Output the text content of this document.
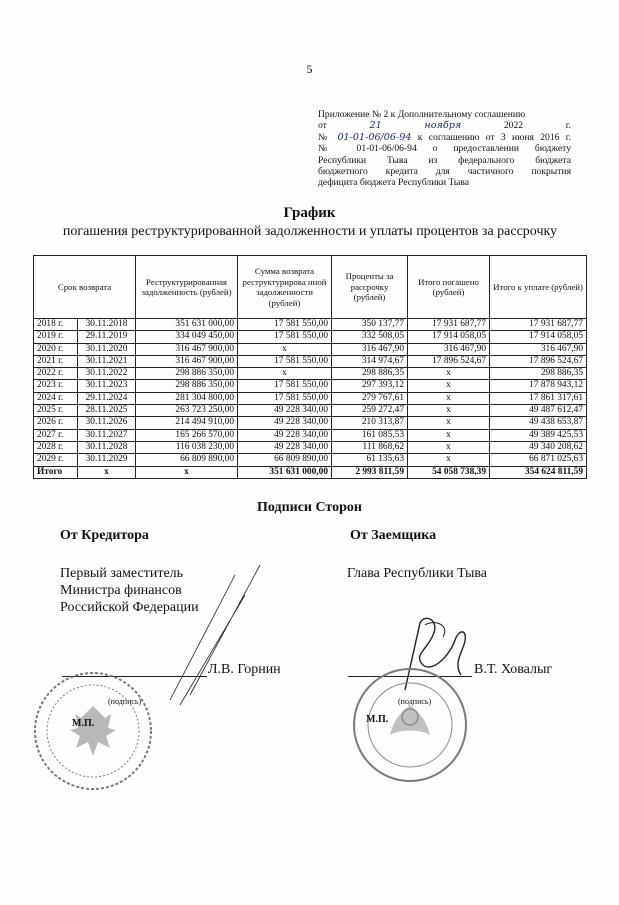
5
Приложение № 2 к Дополнительному соглашению
от	21	ноября	2022	г.
№ 01-01-06/06-94 к соглашению от 3 июня 2016 г.
№ 01-01-06/06-94 о предоставлении бюджету
Республики Тыва из федерального бюджета
бюджетного кредита для частичного покрытия
дефицита бюджета Республики Тыва
График
погашения реструктурированной задолженности и уплаты процентов за рассрочку
Срок возврата		Реструктурированная задолженность (рублей)	Сумма возврата реструктурирова нной задолженности (рублей)	Проценты за рассрочку (рублей)	Итого погашено (рублей)	Итого к уплате (рублей)
2018 г.	30.11.2018	351 631 000,00	17 581 550,00	350 137,77	17 931 687,77	17 931 687,77
2019 г.	29.11.2019	334 049 450,00	17 581 550,00	332 508,05	17 914 058,05	17 914 058,05
2020 г.	30.11.2020	316 467 900,00	x	316 467,90	316 467,90	316 467,90
2021 г.	30.11.2021	316 467 900,00	17 581 550,00	314 974,67	17 896 524,67	17 896 524,67
2022 г.	30.11.2022	298 886 350,00	x	298 886,35	x	298 886,35
2023 г.	30.11.2023	298 886 350,00	17 581 550,00	297 393,12	x	17 878 943,12
2024 г.	29.11.2024	281 304 800,00	17 581 550,00	279 767,61	x	17 861 317,61
2025 г.	28.11.2025	263 723 250,00	49 228 340,00	259 272,47	x	49 487 612,47
2026 г.	30.11.2026	214 494 910,00	49 228 340,00	210 313,87	x	49 438 653,87
2027 г.	30.11.2027	165 266 570,00	49 228 340,00	161 085,53	x	49 389 425,53
2028 г.	30.11.2028	116 038 230,00	49 228 340,00	111 868,62	x	49 340 208,62
2029 г.	30.11.2029	66 809 890,00	66 809 890,00	61 135,63	x	66 871 025,63
Итого	x	x	351 631 000,00	2 993 811,59	54 058 738,39	354 624 811,59
Подписи Сторон
От Кредитора	От Заемщика
Первый заместитель
Министра финансов
Российской Федерации
Глава Республики Тыва
Л.В. Горнин
(подпись)
М.П.
В.Т. Ховалыг
(подпись)
М.П.
